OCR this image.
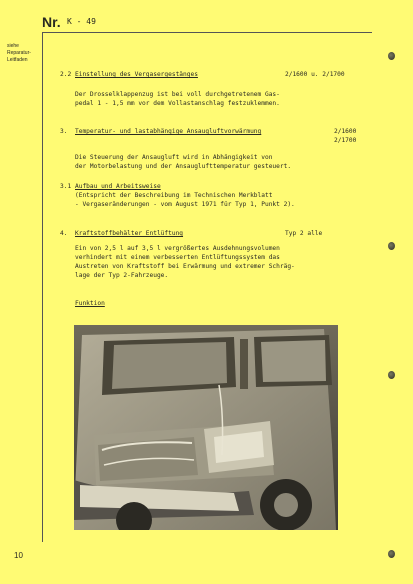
Nr. K - 49
siehe
Reparatur-
Leitfaden
2.2 Einstellung des Vergasergestänges	2/1600 u. 2/1700
Der Drosselklappenzug ist bei voll durchgetretenem Gas-
pedal 1 - 1,5 mm vor dem Vollastanschlag festzuklemmen.
3. Temperatur- und lastabhängige Ansaugluftvorwärmung	2/1600
2/1700
Die Steuerung der Ansaugluft wird in Abhängigkeit von
der Motorbelastung und der Ansauglufttemperatur gesteuert.
3.1 Aufbau und Arbeitsweise
(Entspricht der Beschreibung im Technischen Merkblatt
- Vergaseränderungen - vom August 1971 für Typ 1, Punkt 2).
4. Kraftstoffbehälter Entlüftung	Typ 2 alle
Ein von 2,5 l auf 3,5 l vergrößertes Ausdehnungsvolumen
verhindert mit einem verbesserten Entlüftungssystem das
Austreten von Kraftstoff bei Erwärmung und extremer Schräg-
lage der Typ 2-Fahrzeuge.
Funktion
10
